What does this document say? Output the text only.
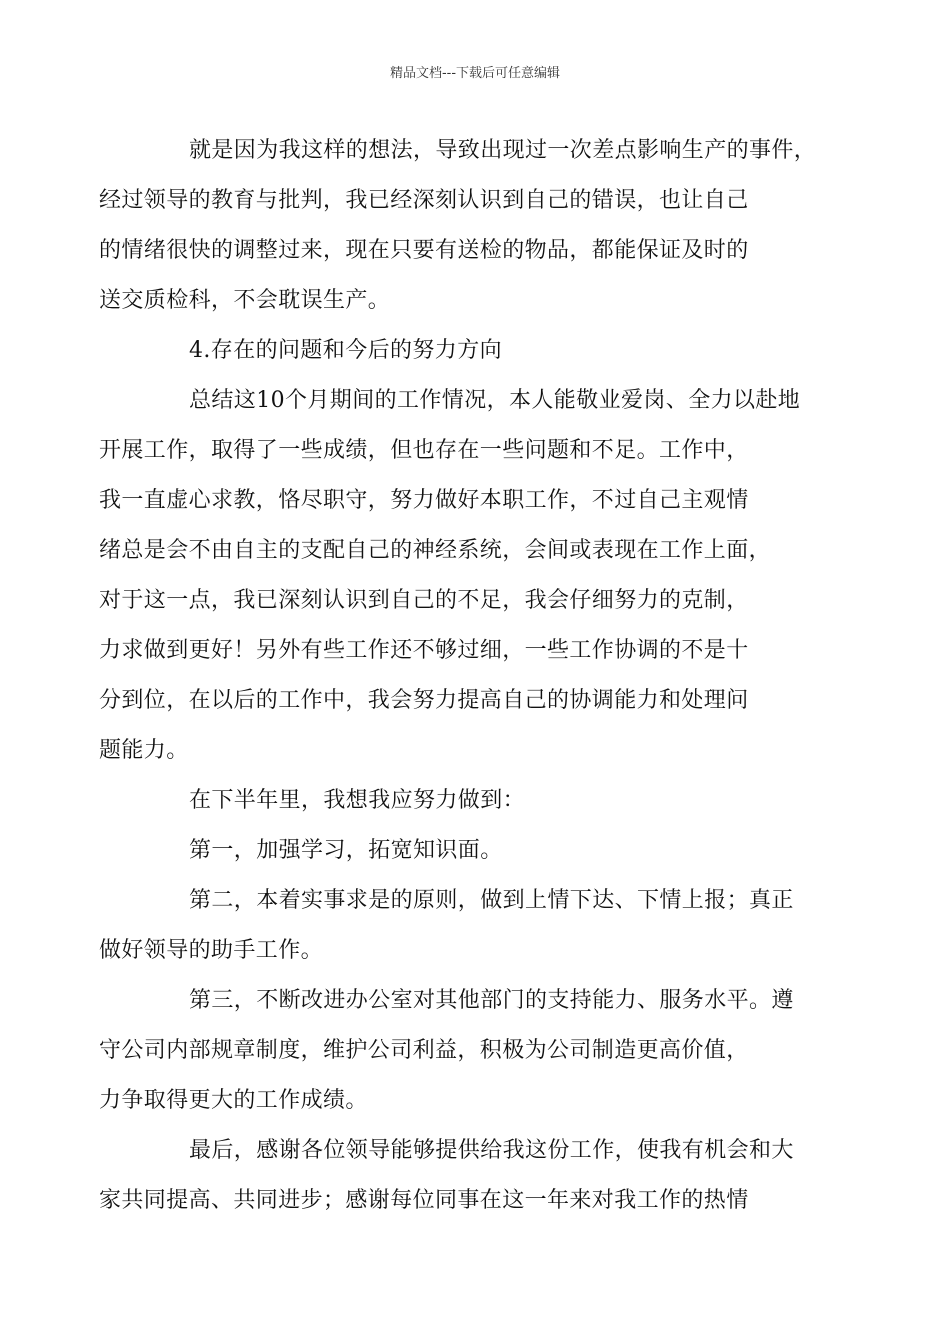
精品文档---下载后可任意编辑

就是因为我这样的想法，导致出现过一次差点影响生产的事件，
经过领导的教育与批判，我已经深刻认识到自己的错误，也让自己
的情绪很快的调整过来，现在只要有送检的物品，都能保证及时的
送交质检科，不会耽误生产。

4.存在的问题和今后的努力方向

总结这10个月期间的工作情况，本人能敬业爱岗、全力以赴地
开展工作，取得了一些成绩，但也存在一些问题和不足。工作中，
我一直虚心求教，恪尽职守，努力做好本职工作，不过自己主观情
绪总是会不由自主的支配自己的神经系统，会间或表现在工作上面，
对于这一点，我已深刻认识到自己的不足，我会仔细努力的克制，
力求做到更好！另外有些工作还不够过细，一些工作协调的不是十
分到位，在以后的工作中，我会努力提高自己的协调能力和处理问
题能力。

在下半年里，我想我应努力做到：

第一，加强学习，拓宽知识面。

第二，本着实事求是的原则，做到上情下达、下情上报；真正
做好领导的助手工作。

第三，不断改进办公室对其他部门的支持能力、服务水平。遵
守公司内部规章制度，维护公司利益，积极为公司制造更高价值，
力争取得更大的工作成绩。

最后，感谢各位领导能够提供给我这份工作，使我有机会和大
家共同提高、共同进步；感谢每位同事在这一年来对我工作的热情
